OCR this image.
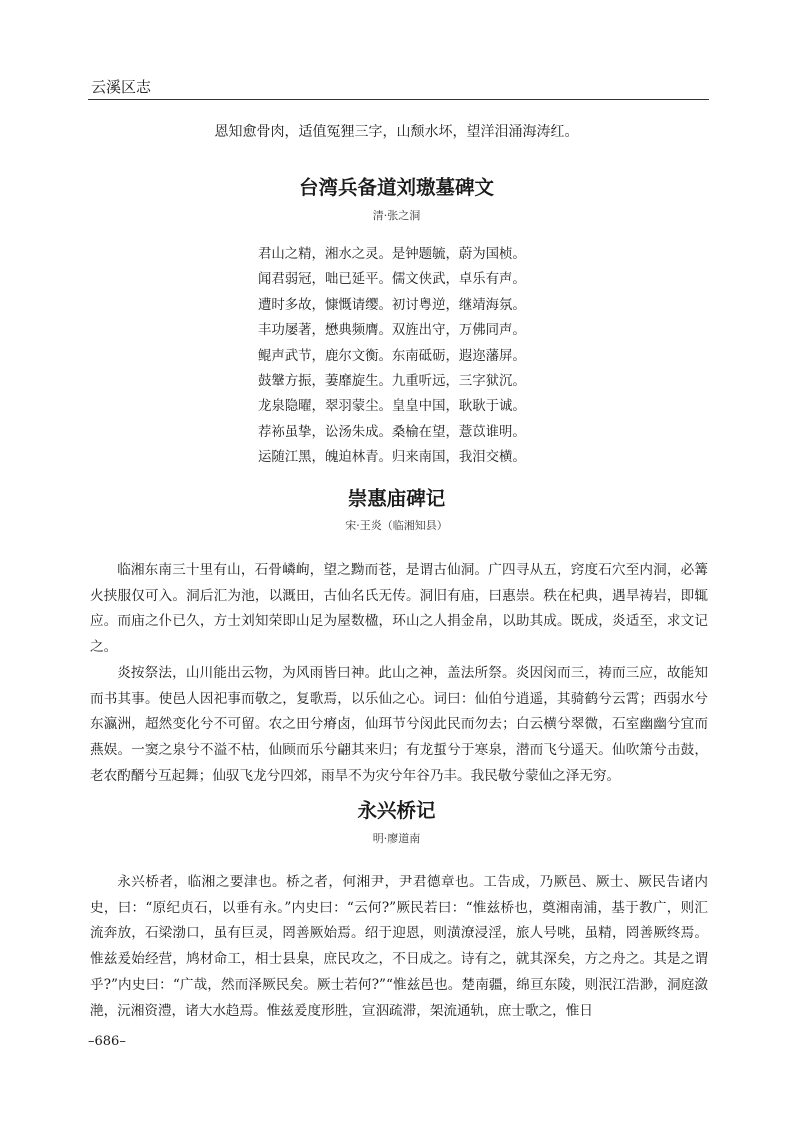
云溪区志
恩知愈骨肉，适值冤狸三字，山颓水坏，望洋泪涌海涛红。
台湾兵备道刘璈墓碑文
清·张之洞
君山之精，湘水之灵。是钟题毓，蔚为国桢。
闻君弱冠，咄已延平。儒文侠武，卓乐有声。
遭时多故，慷慨请缨。初讨粤逆，继靖海氛。
丰功屡著，懋典频膺。双旌出守，万佛同声。
鲲声武节，鹿尔文衡。东南砥砺，遐迩藩屏。
鼓鞶方振，萋靡旋生。九重听远，三字狱沉。
龙泉隐曜，翠羽蒙尘。皇皇中国，耿耿于诚。
荐袮虽挚，讼汤朱成。桑榆在望，薏苡谁明。
运随江黑，魄迫林青。归来南国，我泪交横。
崇惠庙碑记
宋·王炎（临湘知县）

临湘东南三十里有山，石骨嶙峋，望之黝而苍，是谓古仙洞。广四寻从五，窍度石穴至内洞，必篝火挟服仅可入。洞后汇为池，以溉田，古仙名氏无传。洞旧有庙，曰惠崇。秩在杞典，遇旱祷岩，即辄应。而庙之仆已久，方士刘知荣即山足为屋数楹，环山之人捐金帛，以助其成。既成，炎适至，求文记之。

炎按祭法，山川能出云物，为风雨皆曰神。此山之神，盖法所祭。炎因闵而三，祷而三应，故能知而书其事。使邑人因祀事而敬之，复歌焉，以乐仙之心。词曰：仙伯兮逍遥，其骑鹤兮云霄；西弱水兮东瀛洲，超然变化兮不可留。农之田兮瘠卤，仙珥节兮闵此民而勿去；白云横兮翠微，石室幽幽兮宜而燕娱。一窦之泉兮不溢不枯，仙顾而乐兮翩其来归；有龙蜇兮于寒泉，潜而飞兮遥天。仙吹箫兮击鼓，老农酌醑兮互起舞；仙驭飞龙兮四郊，雨旱不为灾兮年谷乃丰。我民敬兮蒙仙之泽无穷。

永兴桥记
明·廖道南

永兴桥者，临湘之要津也。桥之者，何湘尹，尹君德章也。工告成，乃厥邑、厥士、厥民告诸内史，曰：“原纪贞石，以垂有永。”内史曰：“云何?”厥民若曰：“惟兹桥也，奠湘南浦，基于教广，则汇流奔放，石梁渤口，虽有巨灵，罔善厥始焉。绍于迎恩，则潢潦浸淫，旅人号咷，虽精，罔善厥终焉。惟兹爰始经营，鸠材命工，相士县臬，庶民攻之，不日成之。诗有之，就其深矣，方之舟之。其是之谓乎?”内史曰：“广哉，然而泽厥民矣。厥士若何?”“惟兹邑也。楚南疆，绵亘东陵，则泯江浩渺，洞庭潋滟，沅湘资澧，诸大水趋焉。惟兹爰度形胜，宣泅疏滞，架流通轨，庶士歌之，惟日

–686–
